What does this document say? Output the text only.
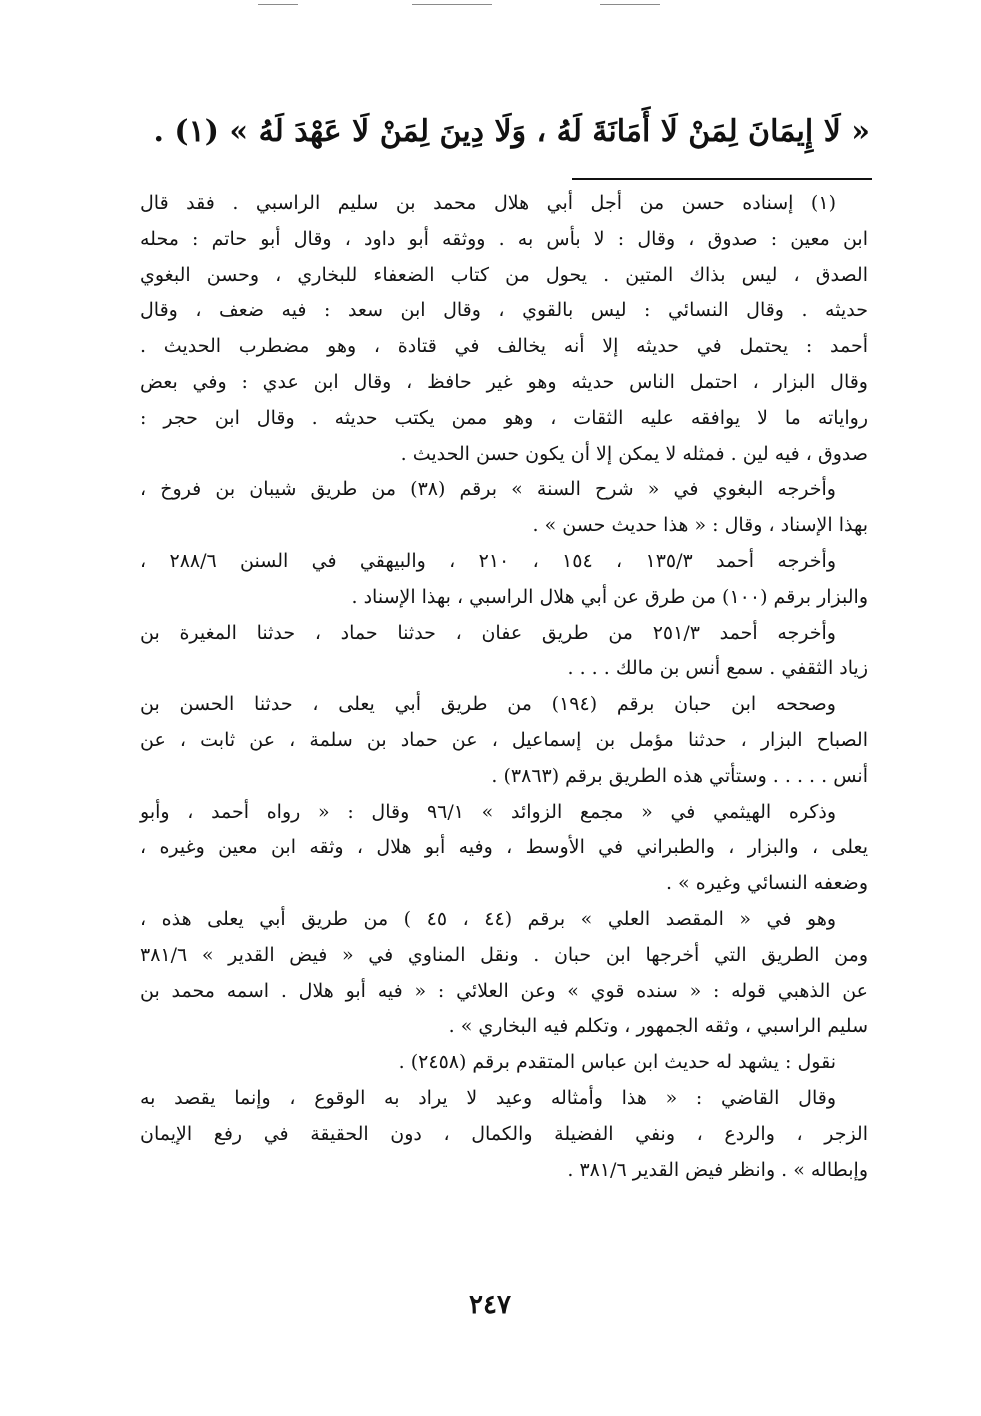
« لَا إِيمَانَ لِمَنْ لَا أَمَانَةَ لَهُ ، وَلَا دِينَ لِمَنْ لَا عَهْدَ لَهُ » (١) .
(١) إسناده حسن من أجل أبي هلال محمد بن سليم الراسبي . فقد قال
ابن معين : صدوق ، وقال : لا بأس به . ووثقه أبو داود ، وقال أبو حاتم : محله
الصدق ، ليس بذاك المتين . يحول من كتاب الضعفاء للبخاري ، وحسن البغوي
حديثه . وقال النسائي : ليس بالقوي ، وقال ابن سعد : فيه ضعف ، وقال
أحمد : يحتمل في حديثه إلا أنه يخالف في قتادة ، وهو مضطرب الحديث .
وقال البزار ، احتمل الناس حديثه وهو غير حافظ ، وقال ابن عدي : وفي بعض
رواياته ما لا يوافقه عليه الثقات ، وهو ممن يكتب حديثه . وقال ابن حجر :
صدوق ، فيه لين . فمثله لا يمكن إلا أن يكون حسن الحديث .
وأخرجه البغوي في « شرح السنة » برقم (٣٨) من طريق شيبان بن فروخ ،
بهذا الإسناد ، وقال : « هذا حديث حسن » .
وأخرجه أحمد ١٣٥/٣ ، ١٥٤ ، ٢١٠ ، والبيهقي في السنن ٢٨٨/٦ ،
والبزار برقم (١٠٠) من طرق عن أبي هلال الراسبي ، بهذا الإسناد .
وأخرجه أحمد ٢٥١/٣ من طريق عفان ، حدثنا حماد ، حدثنا المغيرة بن
زياد الثقفي . سمع أنس بن مالك . . . .
وصححه ابن حبان برقم (١٩٤) من طريق أبي يعلى ، حدثنا الحسن بن
الصباح البزار ، حدثنا مؤمل بن إسماعيل ، عن حماد بن سلمة ، عن ثابت ، عن
أنس . . . . . وستأتي هذه الطريق برقم (٣٨٦٣) .
وذكره الهيثمي في « مجمع الزوائد » ٩٦/١ وقال : « رواه أحمد ، وأبو
يعلى ، والبزار ، والطبراني في الأوسط ، وفيه أبو هلال ، وثقه ابن معين وغيره ،
وضعفه النسائي وغيره » .
وهو في « المقصد العلي » برقم (٤٤ ، ٤٥ ) من طريق أبي يعلى هذه ،
ومن الطريق التي أخرجها ابن حبان . ونقل المناوي في « فيض القدير » ٣٨١/٦
عن الذهبي قوله : « سنده قوي » وعن العلائي : « فيه أبو هلال . اسمه محمد بن
سليم الراسبي ، وثقه الجمهور ، وتكلم فيه البخاري » .
نقول : يشهد له حديث ابن عباس المتقدم برقم (٢٤٥٨) .
وقال القاضي : « هذا وأمثاله وعيد لا يراد به الوقوع ، وإنما يقصد به
الزجر ، والردع ، ونفي الفضيلة والكمال ، دون الحقيقة في رفع الإيمان
وإبطاله » . وانظر فيض القدير ٣٨١/٦ .
٢٤٧
